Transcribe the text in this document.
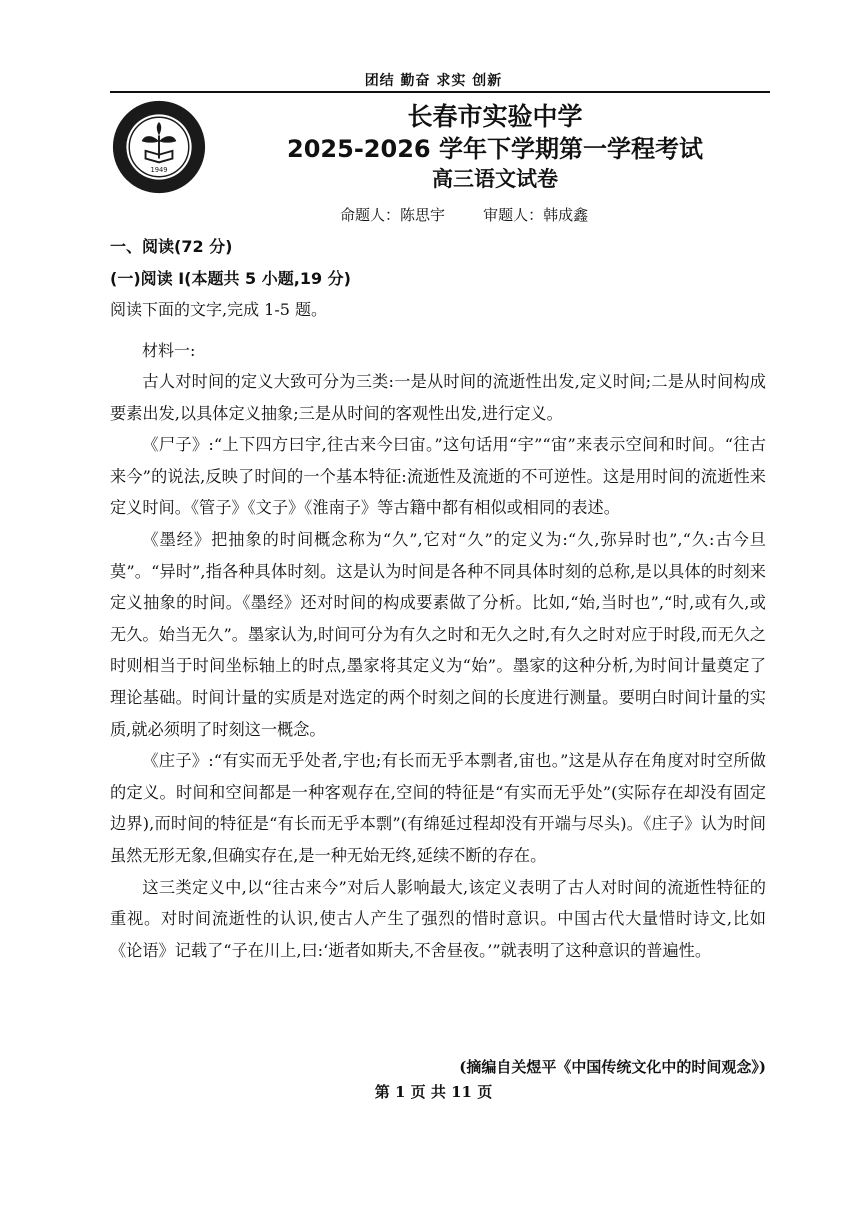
团结 勤奋 求实 创新
1949
长春市实验中学
2025-2026 学年下学期第一学程考试
高三语文试卷
命题人：陈思宇	审题人：韩成鑫
一、阅读(72 分)
(一)阅读 I(本题共 5 小题,19 分)
阅读下面的文字,完成 1-5 题。
材料一:

古人对时间的定义大致可分为三类:一是从时间的流逝性出发,定义时间;二是从时间构成要素出发,以具体定义抽象;三是从时间的客观性出发,进行定义。

《尸子》:“上下四方曰宇,往古来今曰宙。”这句话用“宇”“宙”来表示空间和时间。“往古来今”的说法,反映了时间的一个基本特征:流逝性及流逝的不可逆性。这是用时间的流逝性来定义时间。《管子》《文子》《淮南子》等古籍中都有相似或相同的表述。

《墨经》把抽象的时间概念称为“久”,它对“久”的定义为:“久,弥异时也”,“久:古今旦莫”。“异时”,指各种具体时刻。这是认为时间是各种不同具体时刻的总称,是以具体的时刻来定义抽象的时间。《墨经》还对时间的构成要素做了分析。比如,“始,当时也”,“时,或有久,或无久。始当无久”。墨家认为,时间可分为有久之时和无久之时,有久之时对应于时段,而无久之时则相当于时间坐标轴上的时点,墨家将其定义为“始”。墨家的这种分析,为时间计量奠定了理论基础。时间计量的实质是对选定的两个时刻之间的长度进行测量。要明白时间计量的实质,就必须明了时刻这一概念。

《庄子》:“有实而无乎处者,宇也;有长而无乎本剽者,宙也。”这是从存在角度对时空所做的定义。时间和空间都是一种客观存在,空间的特征是“有实而无乎处”(实际存在却没有固定边界),而时间的特征是“有长而无乎本剽”(有绵延过程却没有开端与尽头)。《庄子》认为时间虽然无形无象,但确实存在,是一种无始无终,延续不断的存在。

这三类定义中,以“往古来今”对后人影响最大,该定义表明了古人对时间的流逝性特征的重视。对时间流逝性的认识,使古人产生了强烈的惜时意识。中国古代大量惜时诗文,比如《论语》记载了“子在川上,曰:‘逝者如斯夫,不舍昼夜。’”就表明了这种意识的普遍性。

(摘编自关煜平《中国传统文化中的时间观念》)
第 1 页 共 11 页
